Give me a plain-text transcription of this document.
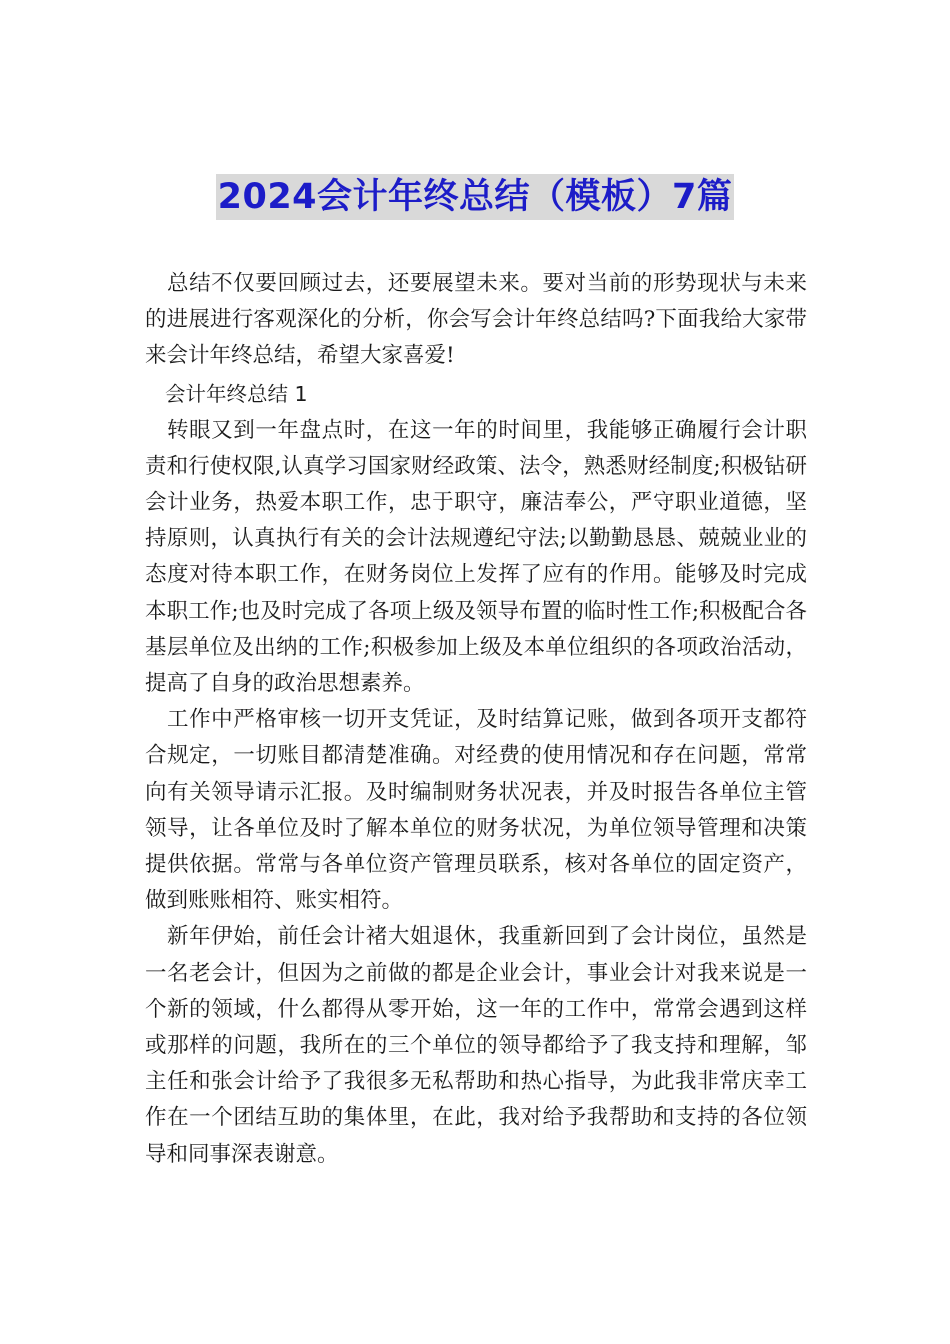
2024会计年终总结（模板）7篇

总结不仅要回顾过去，还要展望未来。要对当前的形势现状与未来的进展进行客观深化的分析，你会写会计年终总结吗?下面我给大家带来会计年终总结，希望大家喜爱!

会计年终总结 1

转眼又到一年盘点时，在这一年的时间里，我能够正确履行会计职责和行使权限,认真学习国家财经政策、法令，熟悉财经制度;积极钻研会计业务，热爱本职工作，忠于职守，廉洁奉公，严守职业道德，坚持原则，认真执行有关的会计法规遵纪守法;以勤勤恳恳、兢兢业业的态度对待本职工作，在财务岗位上发挥了应有的作用。能够及时完成本职工作;也及时完成了各项上级及领导布置的临时性工作;积极配合各基层单位及出纳的工作;积极参加上级及本单位组织的各项政治活动，提高了自身的政治思想素养。

工作中严格审核一切开支凭证，及时结算记账，做到各项开支都符合规定，一切账目都清楚准确。对经费的使用情况和存在问题，常常向有关领导请示汇报。及时编制财务状况表，并及时报告各单位主管领导，让各单位及时了解本单位的财务状况，为单位领导管理和决策提供依据。常常与各单位资产管理员联系，核对各单位的固定资产，做到账账相符、账实相符。

新年伊始，前任会计褚大姐退休，我重新回到了会计岗位，虽然是一名老会计，但因为之前做的都是企业会计，事业会计对我来说是一个新的领域，什么都得从零开始，这一年的工作中，常常会遇到这样或那样的问题，我所在的三个单位的领导都给予了我支持和理解，邹主任和张会计给予了我很多无私帮助和热心指导，为此我非常庆幸工作在一个团结互助的集体里，在此，我对给予我帮助和支持的各位领导和同事深表谢意。
